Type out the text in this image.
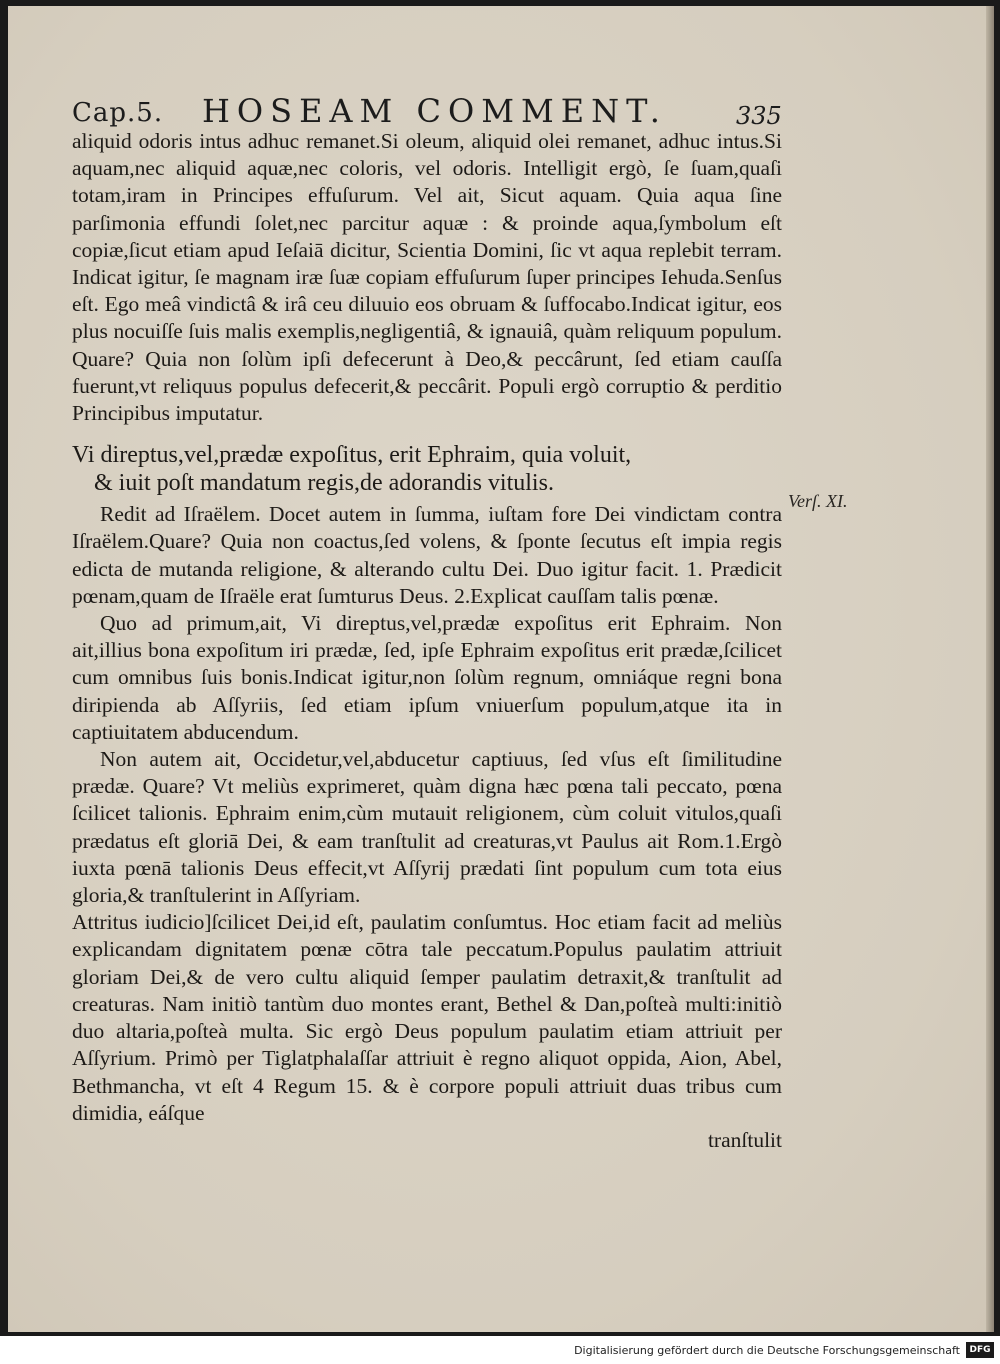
Cap.5. HOSEAM COMMENT.	335
Verſ. XI.

aliquid odoris intus adhuc remanet.Si oleum, aliquid olei remanet, adhuc intus.Si aquam,nec aliquid aquæ,nec coloris, vel odoris. Intelligit ergò, ſe ſuam,quaſi totam,iram in Principes effuſurum. Vel ait, Sicut aquam. Quia aqua ſine parſimonia effundi ſolet,nec parcitur aquæ : & proinde aqua,ſymbolum eſt copiæ,ſicut etiam apud Ieſaiā dicitur, Scientia Domini, ſic vt aqua replebit terram. Indicat igitur, ſe magnam iræ ſuæ copiam effuſurum ſuper principes Iehuda.Senſus eſt. Ego meâ vindictâ & irâ ceu diluuio eos obruam & ſuffocabo.Indicat igitur, eos plus nocuiſſe ſuis malis exemplis,negligentiâ, & ignauiâ, quàm reliquum populum. Quare? Quia non ſolùm ipſi defecerunt à Deo,& peccârunt, ſed etiam cauſſa fuerunt,vt reliquus populus defecerit,& peccârit. Populi ergò corruptio & perditio Principibus imputatur.

Vi direptus,vel,prædæ expoſitus, erit Ephraim, quia voluit,
& iuit poſt mandatum regis,de adorandis vitulis.

Redit ad Iſraëlem. Docet autem in ſumma, iuſtam fore Dei vindictam contra Iſraëlem.Quare? Quia non coactus,ſed volens, & ſponte ſecutus eſt impia regis edicta de mutanda religione, & alterando cultu Dei. Duo igitur facit. 1. Prædicit pœnam,quam de Iſraële erat ſumturus Deus. 2.Explicat cauſſam talis pœnæ.

Quo ad primum,ait, Vi direptus,vel,prædæ expoſitus erit Ephraim. Non ait,illius bona expoſitum iri prædæ, ſed, ipſe Ephraim expoſitus erit prædæ,ſcilicet cum omnibus ſuis bonis.Indicat igitur,non ſolùm regnum, omniáque regni bona diripienda ab Aſſyriis, ſed etiam ipſum vniuerſum populum,atque ita in captiuitatem abducendum.

Non autem ait, Occidetur,vel,abducetur captiuus, ſed vſus eſt ſimilitudine prædæ. Quare? Vt meliùs exprimeret, quàm digna hæc pœna tali peccato, pœna ſcilicet talionis. Ephraim enim,cùm mutauit religionem, cùm coluit vitulos,quaſi prædatus eſt gloriā Dei, & eam tranſtulit ad creaturas,vt Paulus ait Rom.1.Ergò iuxta pœnā talionis Deus effecit,vt Aſſyrij prædati ſint populum cum tota eius gloria,& tranſtulerint in Aſſyriam.

Attritus iudicio]ſcilicet Dei,id eſt, paulatim conſumtus. Hoc etiam facit ad meliùs explicandam dignitatem pœnæ cōtra tale peccatum.Populus paulatim attriuit gloriam Dei,& de vero cultu aliquid ſemper paulatim detraxit,& tranſtulit ad creaturas. Nam initiò tantùm duo montes erant, Bethel & Dan,poſteà multi:initiò duo altaria,poſteà multa. Sic ergò Deus populum paulatim etiam attriuit per Aſſyrium. Primò per Tiglatphalaſſar attriuit è regno aliquot oppida, Aion, Abel, Bethmancha, vt eſt 4 Regum 15. & è corpore populi attriuit duas tribus cum dimidia, eáſque

tranſtulit

Digitalisierung gefördert durch die Deutsche Forschungsgemeinschaft	DFG
